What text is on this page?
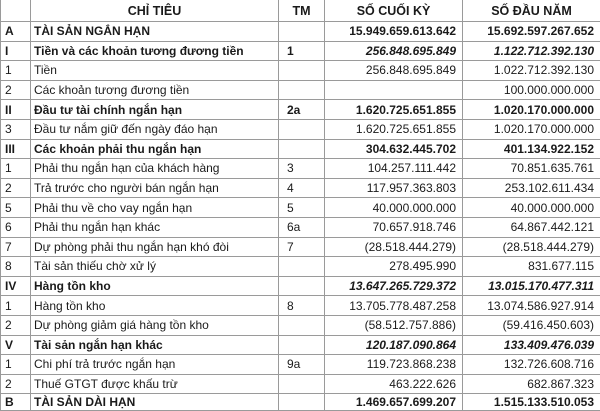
	CHỈ TIÊU	TM	SỐ CUỐI KỲ	SỐ ĐẦU NĂM
A	TÀI SẢN NGẮN HẠN		15.949.659.613.642	15.692.597.267.652
I	Tiền và các khoản tương đương tiền	1	256.848.695.849	1.122.712.392.130
1	Tiền		256.848.695.849	1.022.712.392.130
2	Các khoản tương đương tiền			100.000.000.000
II	Đầu tư tài chính ngắn hạn	2a	1.620.725.651.855	1.020.170.000.000
3	Đầu tư nắm giữ đến ngày đáo hạn		1.620.725.651.855	1.020.170.000.000
III	Các khoản phải thu ngắn hạn		304.632.445.702	401.134.922.152
1	Phải thu ngắn hạn của khách hàng	3	104.257.111.442	70.851.635.761
2	Trả trước cho người bán ngắn hạn	4	117.957.363.803	253.102.611.434
5	Phải thu về cho vay ngắn hạn	5	40.000.000.000	40.000.000.000
6	Phải thu ngắn hạn khác	6a	70.657.918.746	64.867.442.121
7	Dự phòng phải thu ngắn hạn khó đòi	7	(28.518.444.279)	(28.518.444.279)
8	Tài sản thiếu chờ xử lý		278.495.990	831.677.115
IV	Hàng tồn kho		13.647.265.729.372	13.015.170.477.311
1	Hàng tồn kho	8	13.705.778.487.258	13.074.586.927.914
2	Dự phòng giảm giá hàng tồn kho		(58.512.757.886)	(59.416.450.603)
V	Tài sản ngắn hạn khác		120.187.090.864	133.409.476.039
1	Chi phí trả trước ngắn hạn	9a	119.723.868.238	132.726.608.716
2	Thuế GTGT được khấu trừ		463.222.626	682.867.323
B	TÀI SẢN DÀI HẠN		1.469.657.699.207	1.515.133.510.053
